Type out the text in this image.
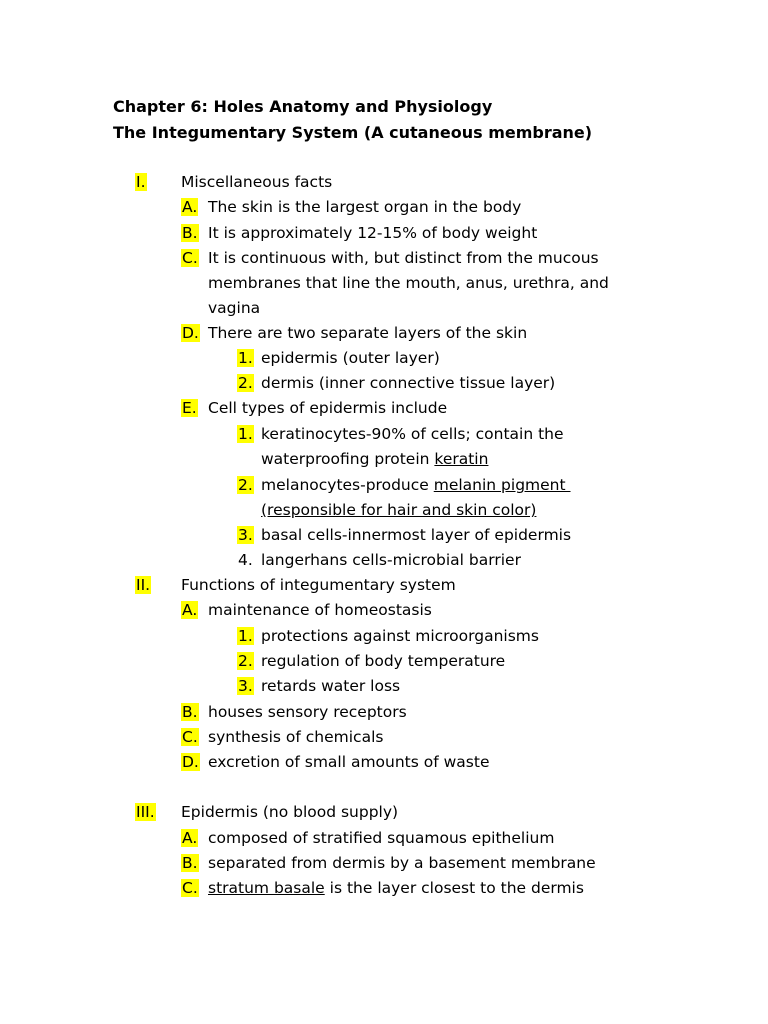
Chapter 6: Holes Anatomy and Physiology
The Integumentary System (A cutaneous membrane)
I. Miscellaneous facts
A. The skin is the largest organ in the body
B. It is approximately 12-15% of body weight
C. It is continuous with, but distinct from the mucous
membranes that line the mouth, anus, urethra, and
vagina
D. There are two separate layers of the skin
1. epidermis (outer layer)
2. dermis (inner connective tissue layer)
E. Cell types of epidermis include
1. keratinocytes-90% of cells; contain the
waterproofing protein keratin
2. melanocytes-produce melanin pigment
(responsible for hair and skin color)
3. basal cells-innermost layer of epidermis
4. langerhans cells-microbial barrier
II. Functions of integumentary system
A. maintenance of homeostasis
1. protections against microorganisms
2. regulation of body temperature
3. retards water loss
B. houses sensory receptors
C. synthesis of chemicals
D. excretion of small amounts of waste
III. Epidermis (no blood supply)
A. composed of stratified squamous epithelium
B. separated from dermis by a basement membrane
C. stratum basale is the layer closest to the dermis
